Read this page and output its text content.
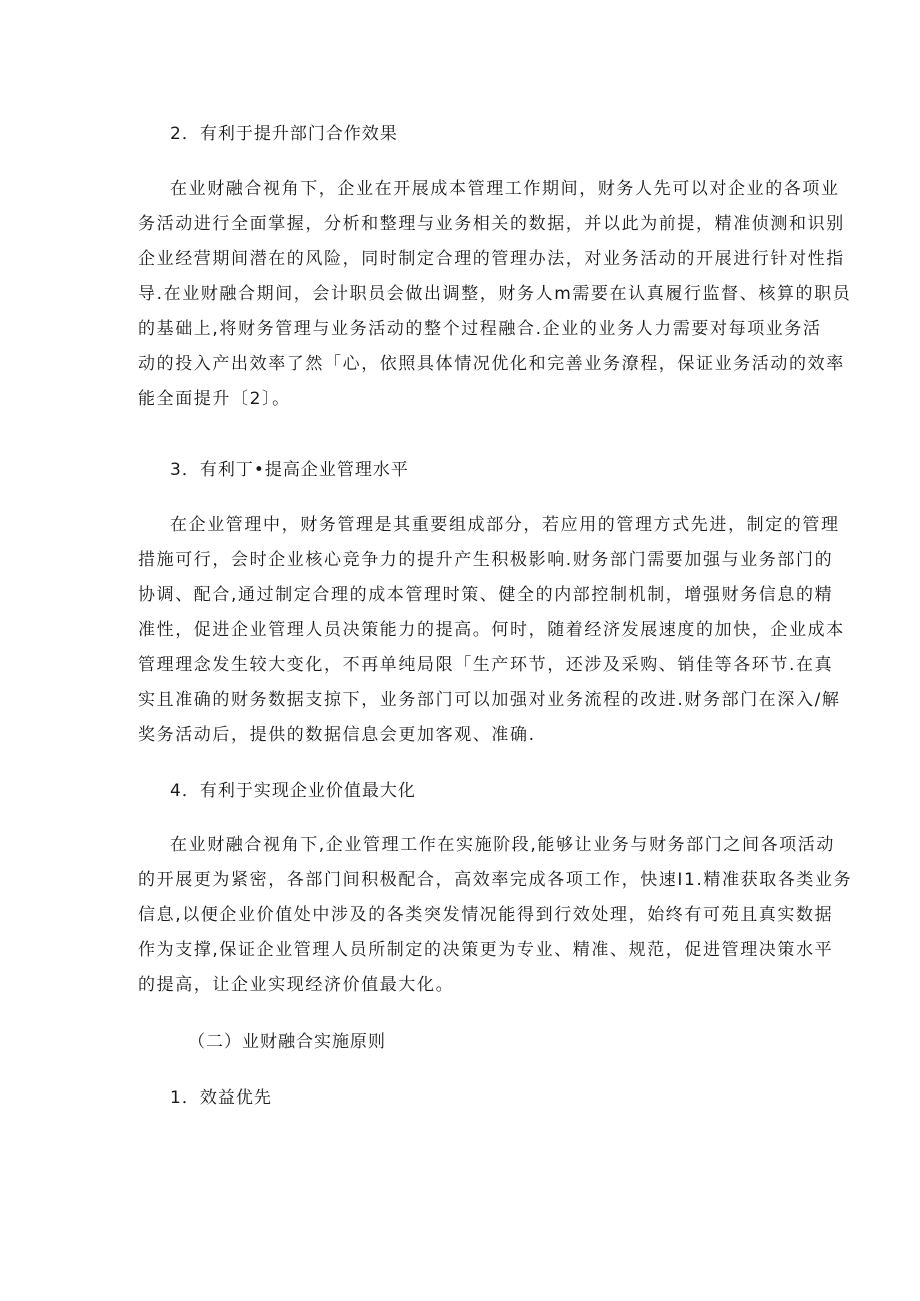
2．有利于提升部门合作效果
在业财融合视角下，企业在开展成本管理工作期间，财务人先可以对企业的各项业
务活动进行全面掌握，分析和整理与业务相关的数据，并以此为前提，精准侦测和识别
企业经营期间潜在的风险，同时制定合理的管理办法，对业务活动的开展进行针对性指
导.在业财融合期间，会计职员会做出调整，财务人m需要在认真履行监督、核算的职员
的基础上,将财务管理与业务活动的整个过程融合.企业的业务人力需要对每项业务活
动的投入产出效率了然「心，依照具体情况优化和完善业务潦程，保证业务活动的效率
能全面提升〔2〕。
3．有利丁•提高企业管理水平
在企业管理中，财务管理是其重要组成部分，若应用的管理方式先进，制定的管理
措施可行，会时企业核心竞争力的提升产生积极影响.财务部门需要加强与业务部门的
协调、配合,通过制定合理的成本管理时策、健全的内部控制机制，增强财务信息的精
准性，促进企业管理人员决策能力的提高。何时，随着经济发展速度的加快，企业成本
管理理念发生较大变化，不再单纯局限「生产环节，还涉及采购、销佳等各环节.在真
实且准确的财务数据支掠下，业务部门可以加强对业务流程的改进.财务部门在深入/解
奖务活动后，提供的数据信息会更加客观、准确.
4．有利于实现企业价值最大化
在业财融合视角下,企业管理工作在实施阶段,能够让业务与财务部门之间各项活动
的开展更为紧密，各部门间积极配合，高效率完成各项工作，快速I1.精准获取各类业务
信息,以便企业价值处中涉及的各类突发情况能得到行效处理，始终有可苑且真实数据
作为支撑,保证企业管理人员所制定的决策更为专业、精准、规范，促进管理决策水平
的提高，让企业实现经济价值最大化。
（二）业财融合实施原则
1．效益优先
